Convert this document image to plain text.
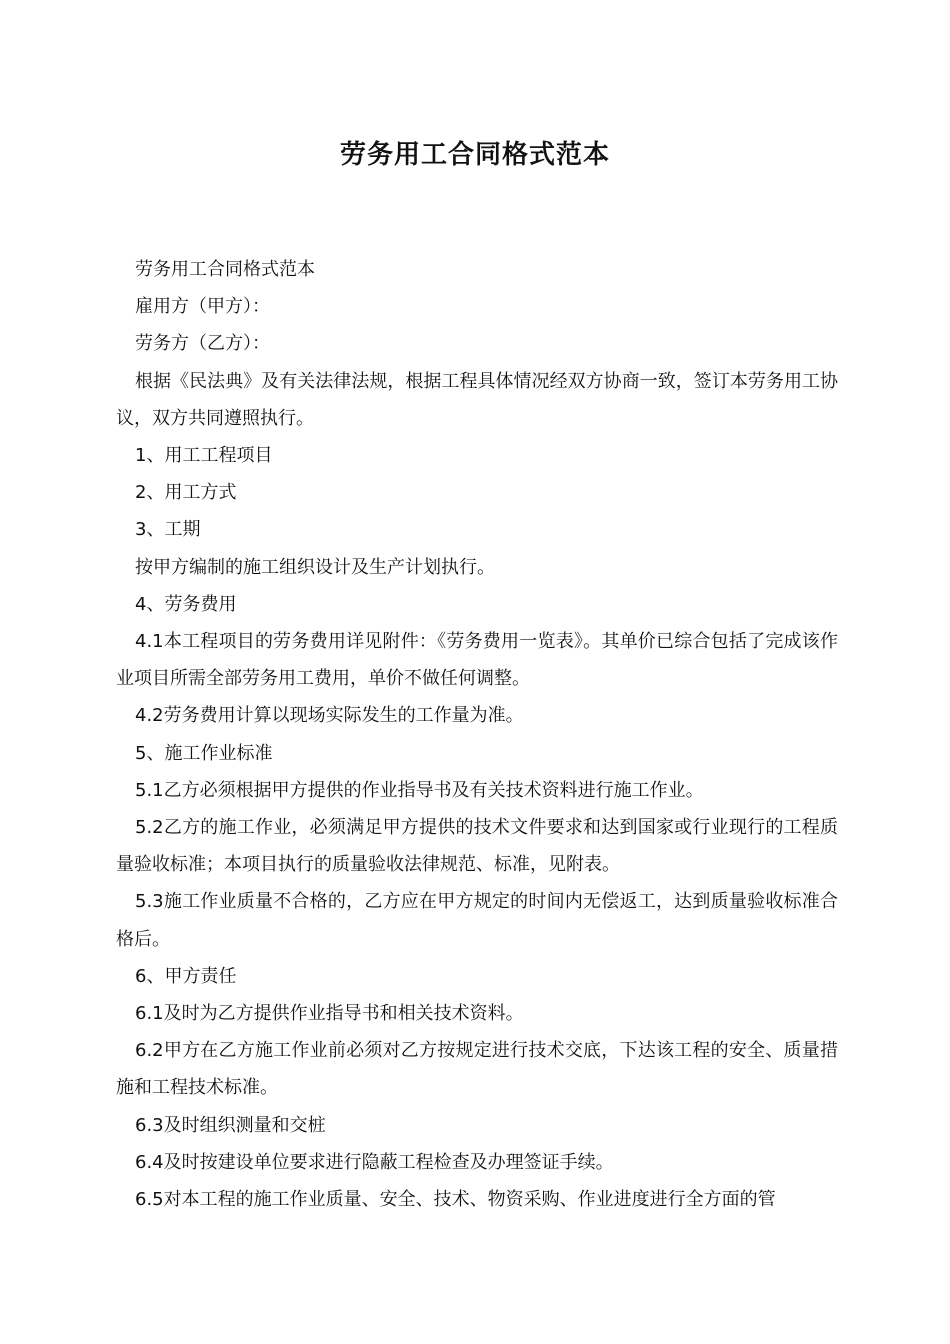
劳务用工合同格式范本

劳务用工合同格式范本

雇用方（甲方）：

劳务方（乙方）：

根据《民法典》及有关法律法规，根据工程具体情况经双方协商一致，签订本劳务用工协议，双方共同遵照执行。

1、用工工程项目

2、用工方式

3、工期

按甲方编制的施工组织设计及生产计划执行。

4、劳务费用

4.1本工程项目的劳务费用详见附件：《劳务费用一览表》。其单价已综合包括了完成该作业项目所需全部劳务用工费用，单价不做任何调整。

4.2劳务费用计算以现场实际发生的工作量为准。

5、施工作业标准

5.1乙方必须根据甲方提供的作业指导书及有关技术资料进行施工作业。

5.2乙方的施工作业，必须满足甲方提供的技术文件要求和达到国家或行业现行的工程质量验收标准；本项目执行的质量验收法律规范、标准，见附表。

5.3施工作业质量不合格的，乙方应在甲方规定的时间内无偿返工，达到质量验收标准合格后。

6、甲方责任

6.1及时为乙方提供作业指导书和相关技术资料。

6.2甲方在乙方施工作业前必须对乙方按规定进行技术交底，下达该工程的安全、质量措施和工程技术标准。

6.3及时组织测量和交桩

6.4及时按建设单位要求进行隐蔽工程检查及办理签证手续。

6.5对本工程的施工作业质量、安全、技术、物资采购、作业进度进行全方面的管
